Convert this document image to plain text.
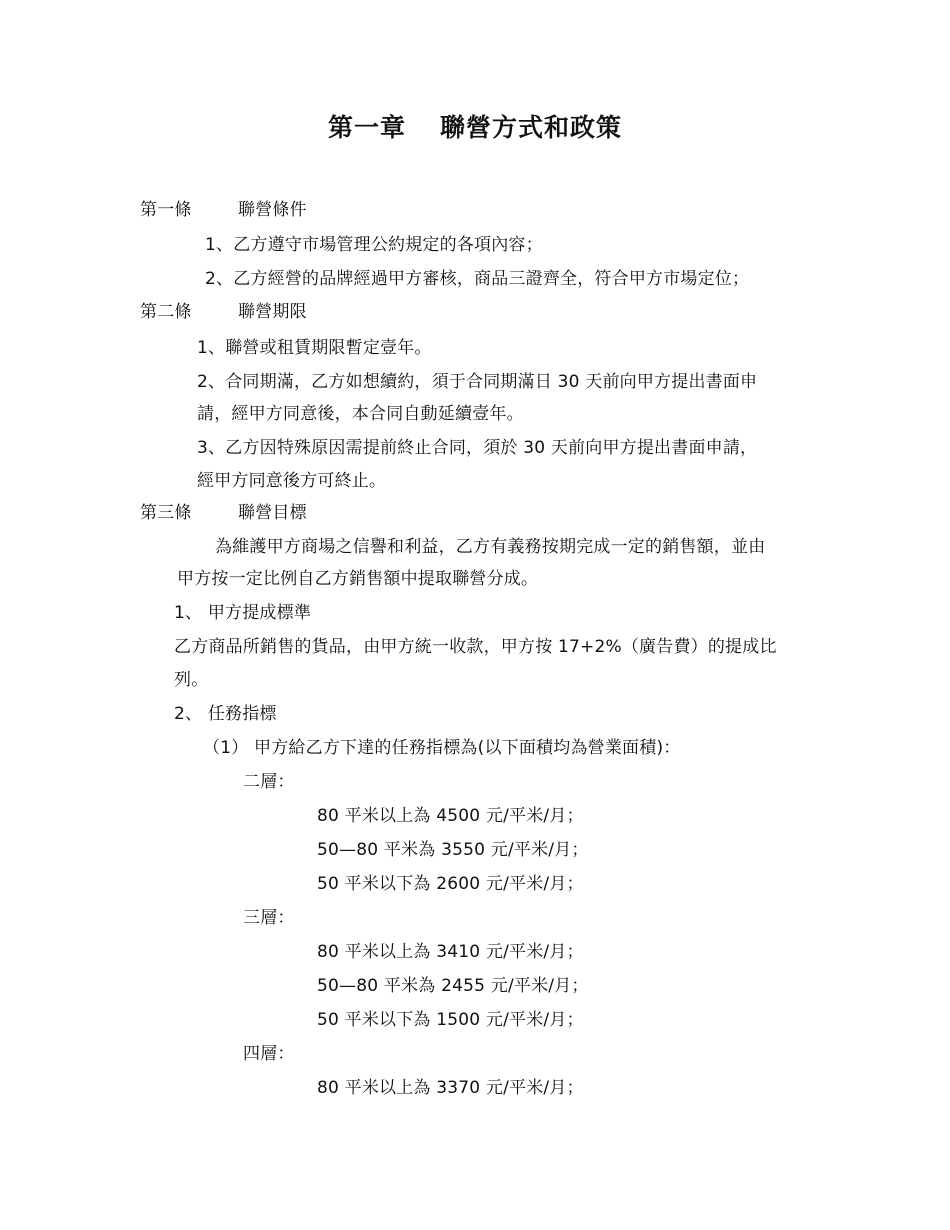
第一章 聯營方式和政策
第一條	聯營條件
1、乙方遵守市場管理公約規定的各項內容；
2、乙方經營的品牌經過甲方審核，商品三證齊全，符合甲方市場定位；
第二條	聯營期限
1、聯營或租賃期限暫定壹年。
2、合同期滿，乙方如想續約，須于合同期滿日 30 天前向甲方提出書面申
請，經甲方同意後，本合同自動延續壹年。
3、乙方因特殊原因需提前終止合同，須於 30 天前向甲方提出書面申請，
經甲方同意後方可終止。
第三條	聯營目標
為維護甲方商場之信譽和利益，乙方有義務按期完成一定的銷售額，並由
甲方按一定比例自乙方銷售額中提取聯營分成。
1、 甲方提成標準
乙方商品所銷售的貨品，由甲方統一收款，甲方按 17+2%（廣告費）的提成比
列。
2、 任務指標
（1） 甲方給乙方下達的任務指標為(以下面積均為營業面積)：
二層：
80 平米以上為 4500 元/平米/月；
50—80 平米為 3550 元/平米/月；
50 平米以下為 2600 元/平米/月；
三層：
80 平米以上為 3410 元/平米/月；
50—80 平米為 2455 元/平米/月；
50 平米以下為 1500 元/平米/月；
四層：
80 平米以上為 3370 元/平米/月；
